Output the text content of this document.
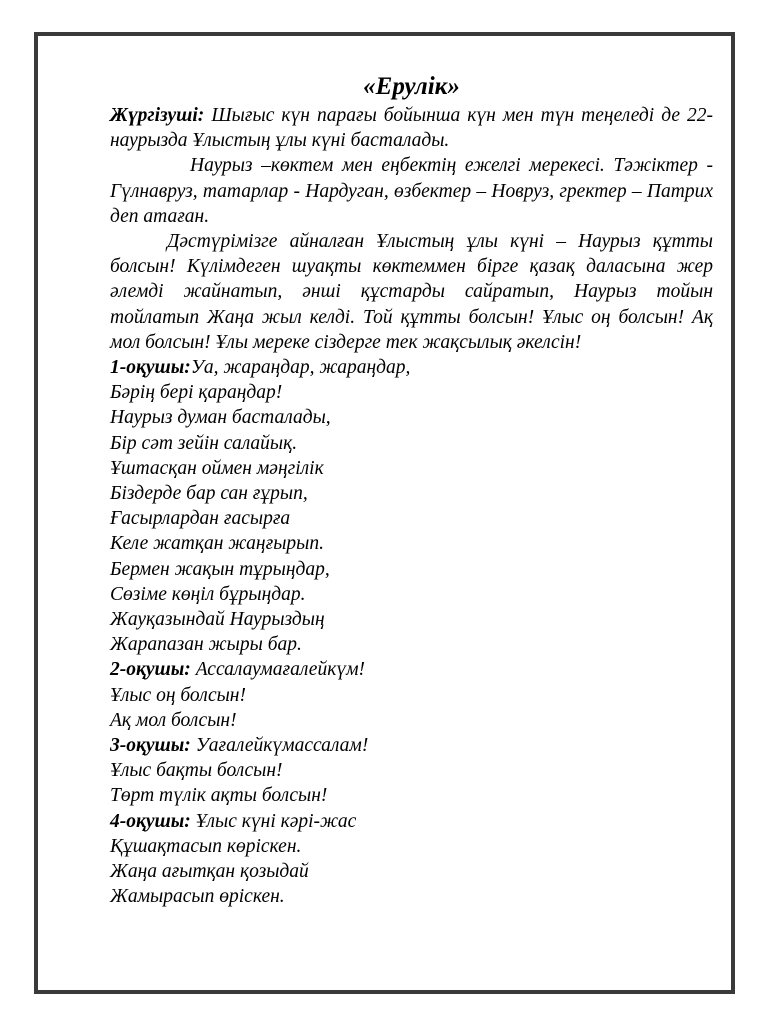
«Ерулік»

Жүргізуші: Шығыс күн парағы бойынша күн мен түн теңеледі де 22-наурызда Ұлыстың ұлы күні басталады.

Наурыз –көктем мен еңбектің ежелгі мерекесі. Тәжіктер - Гүлнавруз, татарлар - Нардуган, өзбектер – Новруз, гректер – Патрих деп атаған.

Дәстүрімізге айналған Ұлыстың ұлы күні – Наурыз құтты болсын! Күлімдеген шуақты көктеммен бірге қазақ даласына жер әлемді жайнатып, әнші құстарды сайратып, Наурыз тойын тойлатып Жаңа жыл келді. Той құтты болсын! Ұлыс оң болсын! Ақ мол болсын! Ұлы мереке сіздерге тек жақсылық әкелсін!

1-оқушы:Уа, жараңдар, жараңдар,

Бәрің бері қараңдар!

Наурыз думан басталады,

Бір сәт зейін салайық.

Ұштасқан оймен мәңгілік

Біздерде бар сан ғұрып,

Ғасырлардан ғасырға

Келе жатқан жаңғырып.

Бермен жақын тұрыңдар,

Сөзіме көңіл бұрыңдар.

Жауқазындай Наурыздың

Жарапазан жыры бар.

2-оқушы: Ассалаумағалейкүм!

Ұлыс оң болсын!

Ақ мол болсын!

3-оқушы: Уағалейкүмассалам!

Ұлыс бақты болсын!

Төрт түлік ақты болсын!

4-оқушы: Ұлыс күні кәрі-жас

Құшақтасып көріскен.

Жаңа ағытқан қозыдай

Жамырасып өріскен.
